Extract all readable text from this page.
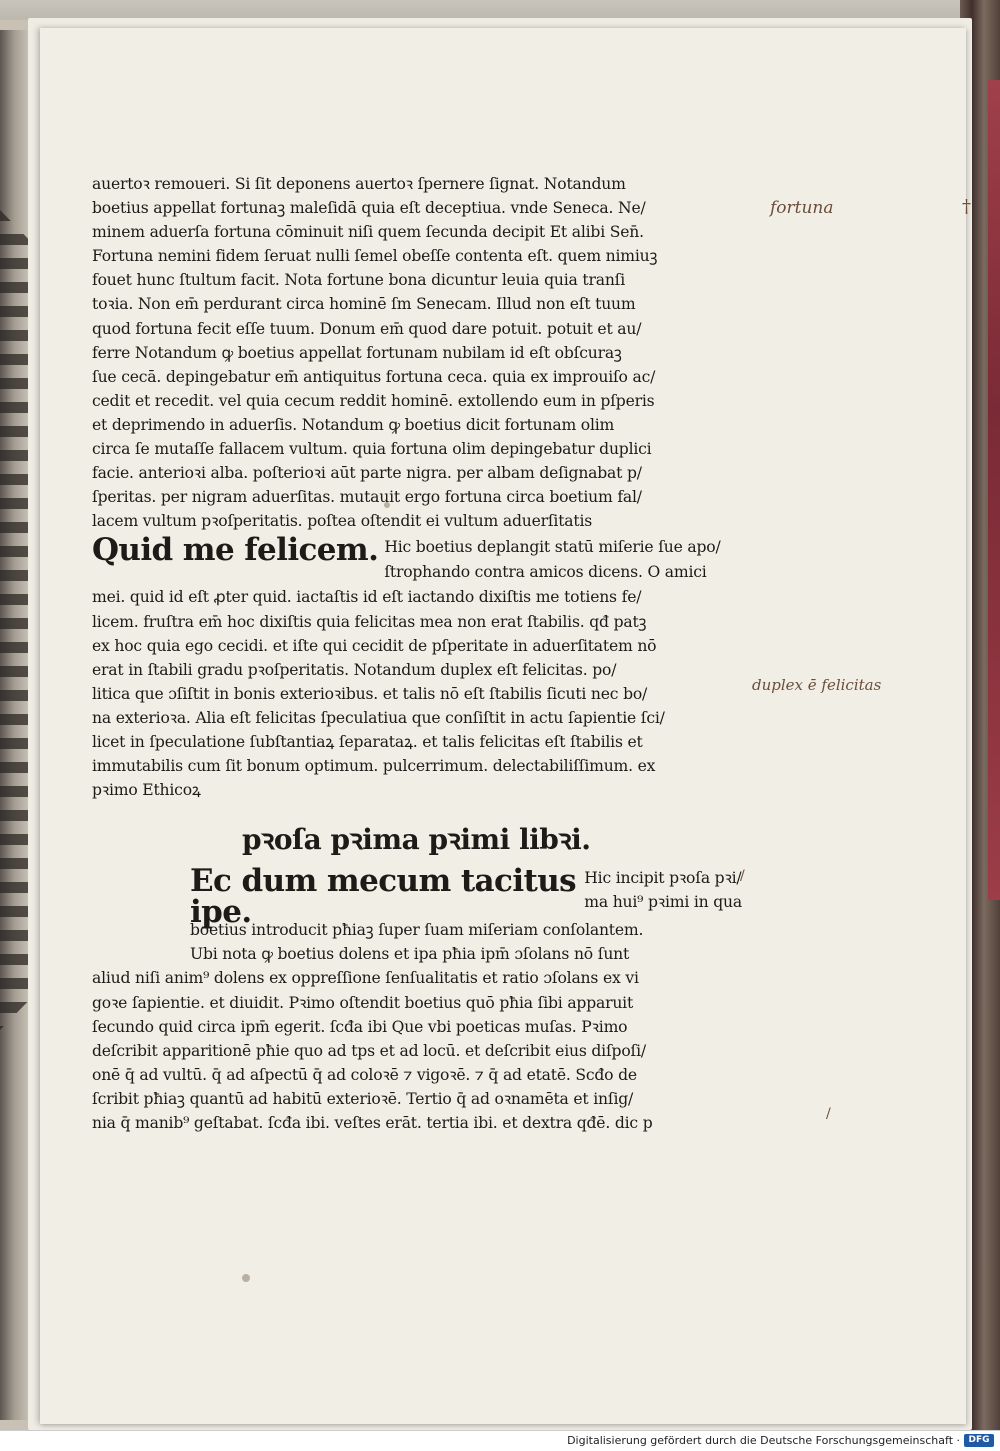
auertoꝛ remoueri. Si ſit deponens auertoꝛ ſpernere ſignat. Notandum
boetius appellat fortunaꝫ maleſidā quia eſt deceptiua. vnde Seneca. Ne/
minem aduerſa fortuna cōminuit niſi quem ſecunda decipit Et alibi Sen̄.
Fortuna nemini fidem ſeruat nulli ſemel obeſſe contenta eſt. quem nimiuꝫ
fouet hunc ſtultum facit. Nota fortune bona dicuntur leuia quia tranſi
toꝛia. Non em̄ perdurant circa hominē ſm Senecam. Illud non eſt tuum
quod fortuna fecit eſſe tuum. Donum em̄ quod dare potuit. potuit et au/
ferre Notandum ꝙ boetius appellat fortunam nubilam id eſt obſcuraꝫ
ſue cecā. depingebatur em̄ antiquitus fortuna ceca. quia ex improuiſo ac/
cedit et recedit. vel quia cecum reddit hominē. extollendo eum in pſperis
et deprimendo in aduerſis. Notandum ꝙ boetius dicit fortunam olim
circa ſe mutaſſe fallacem vultum. quia fortuna olim depingebatur duplici
facie. anterioꝛi alba. poſterioꝛi aūt parte nigra. per albam deſignabat p/
ſperitas. per nigram aduerſitas. mutauit ergo fortuna circa boetium fal/
lacem vultum pꝛoſperitatis. poſtea oſtendit ei vultum aduerſitatis
Quid me felicem. Hic boetius deplangit statū miſerie ſue apo/
ſtrophando contra amicos dicens. O amici
mei. quid id eſt ꝓter quid. iactaſtis id eſt iactando dixiſtis me totiens fe/
licem. fruſtra em̄ hoc dixiſtis quia felicitas mea non erat ſtabilis. qđ patꝫ
ex hoc quia ego cecidi. et iſte qui cecidit de pſperitate in aduerſitatem nō
erat in ſtabili gradu pꝛoſperitatis. Notandum duplex eſt felicitas. po/
litica que ɔſiſtit in bonis exterioꝛibus. et talis nō eſt ſtabilis ſicuti nec bo/
na exterioꝛa. Alia eſt felicitas ſpeculatiua que conſiſtit in actu ſapientie ſci/
licet in ſpeculatione ſubſtantiaꝝ ſeparataꝝ. et talis felicitas eſt ſtabilis et
immutabilis cum ſit bonum optimum. pulcerrimum. delectabiliſſimum. ex
pꝛimo Ethicoꝝ
pꝛoſa pꝛima pꝛimi libꝛi.
Ec dum mecum tacitus ipe.
Hic incipit pꝛoſa pꝛi/
ma hui⁹ pꝛimi in qua
boetius introducit pħiaꝫ ſuper ſuam miſeriam conſolantem.
Ubi nota ꝙ boetius dolens et ipa pħia ipm̄ ɔſolans nō ſunt
aliud niſi anim⁹ dolens ex oppreſſione ſenſualitatis et ratio ɔſolans ex vi
goꝛe ſapientie. et diuidit. Pꝛimo oſtendit boetius quō pħia ſibi apparuit
ſecundo quid circa ipm̄ egerit. ſcđa ibi Que vbi poeticas muſas. Pꝛimo
deſcribit apparitionē pħie quo ad tps et ad locū. et deſcribit eius diſpoſi/
onē q̄ ad vultū. q̄ ad aſpectū q̄ ad coloꝛē ⁊ vigoꝛē. ⁊ q̄ ad etatē. Scđo de
ſcribit pħiaꝫ quantū ad habitū exterioꝛē. Tertio q̄ ad oꝛnamēta et inſig/
nia q̄ manib⁹ geſtabat. ſcđa ibi. veſtes erāt. tertia ibi. et dextra qđē. dic p
fortuna	†
duplex ē felicitas
/
/
Digitalisierung gefördert durch die Deutsche Forschungsgemeinschaft · DFG
